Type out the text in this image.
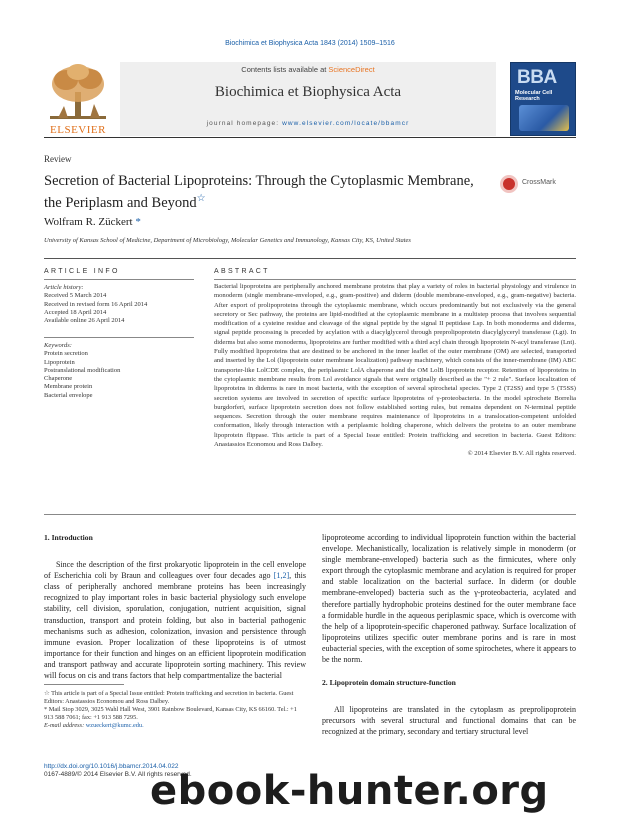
Biochimica et Biophysica Acta 1843 (2014) 1509–1516
ELSEVIER
Contents lists available at ScienceDirect
Biochimica et Biophysica Acta
journal homepage: www.elsevier.com/locate/bbamcr
BBA
Molecular Cell Research
Review
Secretion of Bacterial Lipoproteins: Through the Cytoplasmic Membrane, the Periplasm and Beyond☆
CrossMark
Wolfram R. Zückert *
University of Kansas School of Medicine, Department of Microbiology, Molecular Genetics and Immunology, Kansas City, KS, United States
ARTICLE INFO	ABSTRACT
Article history:
Received 5 March 2014
Received in revised form 16 April 2014
Accepted 18 April 2014
Available online 26 April 2014
Keywords:
Protein secretion
Lipoprotein
Postranslational modification
Chaperone
Membrane protein
Bacterial envelope
Bacterial lipoproteins are peripherally anchored membrane proteins that play a variety of roles in bacterial physiology and virulence in monoderm (single membrane-enveloped, e.g., gram-positive) and diderm (double membrane-enveloped, e.g., gram-negative) bacteria. After export of prolipoproteins through the cytoplasmic membrane, which occurs predominantly but not exclusively via the general secretory or Sec pathway, the proteins are lipid-modified at the cytoplasmic membrane in a multistep process that involves sequential modification of a cysteine residue and cleavage of the signal peptide by the signal II peptidase Lsp. In both monoderms and diderms, signal peptide processing is preceded by acylation with a diacylglycerol through preprolipoprotein diacylglyceryl transferase (Lgt). In diderms but also some monoderms, lipoproteins are further modified with a third acyl chain through lipoprotein N-acyl transferase (Lnt). Fully modified lipoproteins that are destined to be anchored in the inner leaflet of the outer membrane (OM) are selected, transported and inserted by the Lol (lipoprotein outer membrane localization) pathway machinery, which consists of the inner-membrane (IM) ABC transporter-like LolCDE complex, the periplasmic LolA chaperone and the OM LolB lipoprotein receptor. Retention of lipoproteins in the cytoplasmic membrane results from Lol avoidance signals that were originally described as the "+ 2 rule". Surface localization of lipoproteins in diderms is rare in most bacteria, with the exception of several spirochetal species. Type 2 (T2SS) and type 5 (T5SS) secretion systems are involved in secretion of specific surface lipoproteins of γ-proteobacteria. In the model spirochete Borrelia burgdorferi, surface lipoprotein secretion does not follow established sorting rules, but remains dependent on N-terminal peptide sequences. Secretion through the outer membrane requires maintenance of lipoproteins in a translocation-competent unfolded conformation, likely through interaction with a periplasmic holding chaperone, which delivers the proteins to an outer membrane lipoprotein flippase. This article is part of a Special Issue entitled: Protein trafficking and secretion in bacteria. Guest Editors: Anastassios Economou and Ross Dalbey.
© 2014 Elsevier B.V. All rights reserved.
1. Introduction

Since the description of the first prokaryotic lipoprotein in the cell envelope of Escherichia coli by Braun and colleagues over four decades ago [1,2], this class of peripherally anchored membrane proteins has been increasingly recognized to play important roles in basic bacterial physiology such envelope stability, cell division, sporulation, conjugation, nutrient acquisition, signal transduction, transport and protein folding, but also in bacterial pathogenic mechanisms such as adhesion, colonization, invasion and persistence through immune evasion. Proper localization of these lipoproteins is of utmost importance for their function and hinges on an efficient lipoprotein modification and transport pathway and accurate lipoprotein sorting machinery. This review will focus on cis and trans factors that help compartmentalize the bacterial

lipoproteome according to individual lipoprotein function within the bacterial envelope. Mechanistically, localization is relatively simple in monoderm (or single membrane-enveloped) bacteria such as the firmicutes, where only export through the cytoplasmic membrane and acylation is required for proper and stable localization on the bacterial surface. In diderm (or double membrane-enveloped) bacteria such as the γ-proteobacteria, acylated and therefore partially hydrophobic proteins destined for the outer membrane face a formidable hurdle in the aqueous periplasmic space, which is overcome with the help of a lipoprotein-specific chaperoned pathway. Surface localization of lipoproteins utilizes specific outer membrane porins and is rare in most eubacterial species, with the exception of some spirochetes, where it appears to be the norm.

2. Lipoprotein domain structure-function

All lipoproteins are translated in the cytoplasm as preprolipoprotein precursors with several structural and functional domains that can be recognized at the primary, secondary and tertiary structural level

☆ This article is part of a Special Issue entitled: Protein trafficking and secretion in bacteria. Guest Editors: Anastassios Economou and Ross Dalbey.
* Mail Stop 3029, 3025 Wahl Hall West, 3901 Rainbow Boulevard, Kansas City, KS 66160. Tel.: +1 913 588 7061; fax: +1 913 588 7295.
E-mail address: wzueckert@kumc.edu.
http://dx.doi.org/10.1016/j.bbamcr.2014.04.022
0167-4889/© 2014 Elsevier B.V. All rights reserved.
ebook-hunter.org
